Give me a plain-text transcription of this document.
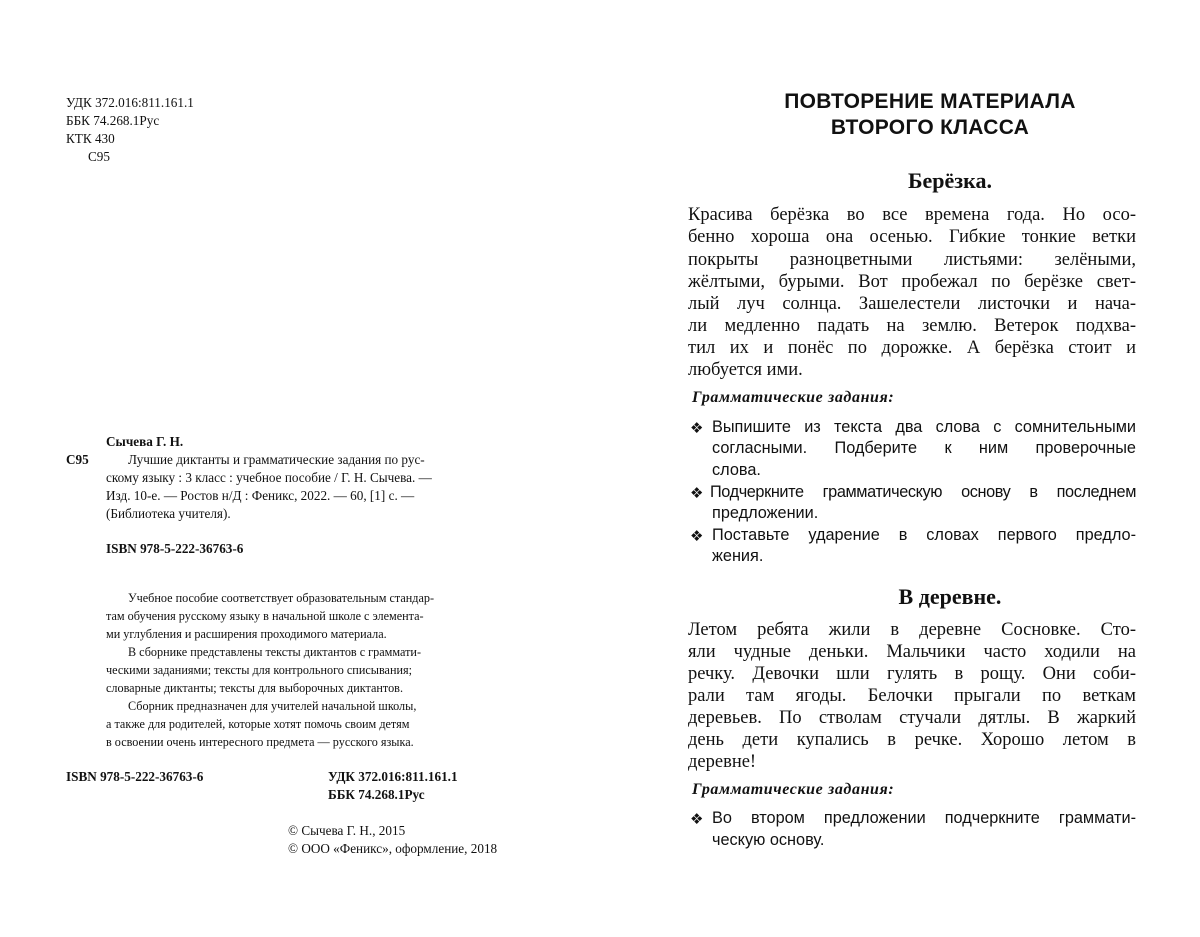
УДК 372.016:811.161.1
ББК 74.268.1Рус
КТК 430
С95
Сычева Г. Н.
С95	Лучшие диктанты и грамматические задания по рус-
скому языку : 3 класс : учебное пособие / Г. Н. Сычева. —
Изд. 10-е. — Ростов н/Д : Феникс, 2022. — 60, [1] с. —
(Библиотека учителя).
ISBN 978-5-222-36763-6
Учебное пособие соответствует образовательным стандар-
там обучения русскому языку в начальной школе с элемента-
ми углубления и расширения проходимого материала.
В сборнике представлены тексты диктантов с граммати-
ческими заданиями; тексты для контрольного списывания;
словарные диктанты; тексты для выборочных диктантов.
Сборник предназначен для учителей начальной школы,
а также для родителей, которые хотят помочь своим детям
в освоении очень интересного предмета — русского языка.
ISBN 978-5-222-36763-6	УДК 372.016:811.161.1
ББК 74.268.1Рус
© Сычева Г. Н., 2015
© ООО «Феникс», оформление, 2018
ПОВТОРЕНИЕ МАТЕРИАЛА
ВТОРОГО КЛАССА
Берёзка.
Красива берёзка во все времена года. Но осо-
бенно хороша она осенью. Гибкие тонкие ветки
покрыты разноцветными листьями: зелёными,
жёлтыми, бурыми. Вот пробежал по берёзке свет-
лый луч солнца. Зашелестели листочки и нача-
ли медленно падать на землю. Ветерок подхва-
тил их и понёс по дорожке. А берёзка стоит и
любуется ими.
Грамматические задания:
❖ Выпишите из текста два слова с сомнительными
согласными. Подберите к ним проверочные
слова.
❖ Подчеркните грамматическую основу в последнем
предложении.
❖ Поставьте ударение в словах первого предло-
жения.
В деревне.
Летом ребята жили в деревне Сосновке. Сто-
яли чудные деньки. Мальчики часто ходили на
речку. Девочки шли гулять в рощу. Они соби-
рали там ягоды. Белочки прыгали по веткам
деревьев. По стволам стучали дятлы. В жаркий
день дети купались в речке. Хорошо летом в
деревне!
Грамматические задания:
❖ Во втором предложении подчеркните граммати-
ческую основу.
